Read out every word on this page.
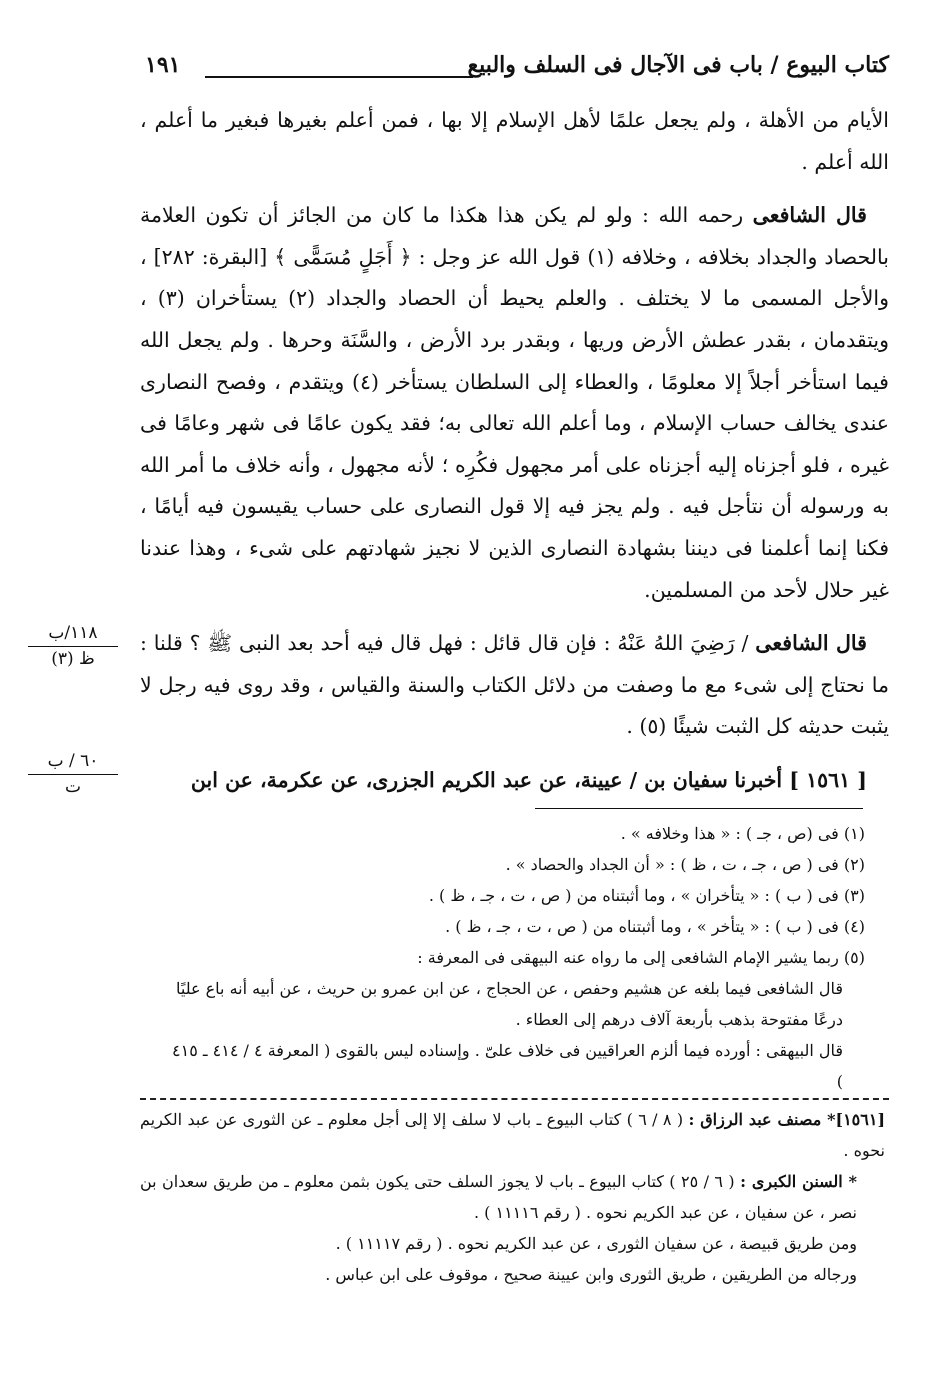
كتاب البيوع / باب فى الآجال فى السلف والبيع
١٩١

الأيام من الأهلة ، ولم يجعل علمًا لأهل الإسلام إلا بها ، فمن أعلم بغيرها فبغير ما أعلم ، الله أعلم .

قال الشافعى رحمه الله : ولو لم يكن هذا هكذا ما كان من الجائز أن تكون العلامة بالحصاد والجداد بخلافه ، وخلافه (١) قول الله عز وجل : ﴿ أَجَلٍ مُسَمًّى ﴾ [البقرة: ٢٨٢] ، والأجل المسمى ما لا يختلف . والعلم يحيط أن الحصاد والجداد (٢) يستأخران (٣) ، ويتقدمان ، بقدر عطش الأرض وريها ، وبقدر برد الأرض ، والسَّنَة وحرها . ولم يجعل الله فيما استأخر أجلاً إلا معلومًا ، والعطاء إلى السلطان يستأخر (٤) ويتقدم ، وفصح النصارى عندى يخالف حساب الإسلام ، وما أعلم الله تعالى به؛ فقد يكون عامًا فى شهر وعامًا فى غيره ، فلو أجزناه إليه أجزناه على أمر مجهول فكُرِه ؛ لأنه مجهول ، وأنه خلاف ما أمر الله به ورسوله أن نتأجل فيه . ولم يجز فيه إلا قول النصارى على حساب يقيسون فيه أيامًا ، فكنا إنما أعلمنا فى ديننا بشهادة النصارى الذين لا نجيز شهادتهم على شىء ، وهذا عندنا غير حلال لأحد من المسلمين.

قال الشافعى / رَضِيَ اللهُ عَنْهُ : فإن قال قائل : فهل قال فيه أحد بعد النبى ﷺ ؟ قلنا : ما نحتاج إلى شىء مع ما وصفت من دلائل الكتاب والسنة والقياس ، وقد روى فيه رجل لا يثبت حديثه كل الثبت شيئًا (٥) .

[ ١٥٦١ ] أخبرنا سفيان بن / عيينة، عن عبد الكريم الجزرى، عن عكرمة، عن ابن

١١٨/ب
ظ (٣)
٦٠ / ب
ت

(١) فى (ص ، جـ ) : « هذا وخلافه » .

(٢) فى ( ص ، جـ ، ت ، ظ ) : « أن الجداد والحصاد » .

(٣) فى ( ب ) : « يتأخران » ، وما أثبتناه من ( ص ، ت ، جـ ، ظ ) .

(٤) فى ( ب ) : « يتأخر » ، وما أثبتناه من ( ص ، ت ، جـ ، ظ ) .

(٥) ربما يشير الإمام الشافعى إلى ما رواه عنه البيهقى فى المعرفة :

قال الشافعى فيما بلغه عن هشيم وحفص ، عن الحجاج ، عن ابن عمرو بن حريث ، عن أبيه أنه باع عليًا درعًا مفتوحة بذهب بأربعة آلاف درهم إلى العطاء .

قال البيهقى : أورده فيما ألزم العراقيين فى خلاف علىّ . وإسناده ليس بالقوى ( المعرفة ٤ / ٤١٤ ـ ٤١٥ )

[١٥٦١]* مصنف عبد الرزاق : ( ٨ / ٦ ) كتاب البيوع ـ باب لا سلف إلا إلى أجل معلوم ـ عن الثورى عن عبد الكريم نحوه .

* السنن الكبرى : ( ٦ / ٢٥ ) كتاب البيوع ـ باب لا يجوز السلف حتى يكون بثمن معلوم ـ من طريق سعدان بن نصر ، عن سفيان ، عن عبد الكريم نحوه . ( رقم ١١١١٦ ) .

ومن طريق قبيصة ، عن سفيان الثورى ، عن عبد الكريم نحوه . ( رقم ١١١١٧ ) .

ورجاله من الطريقين ، طريق الثورى وابن عيينة صحيح ، موقوف على ابن عباس .
